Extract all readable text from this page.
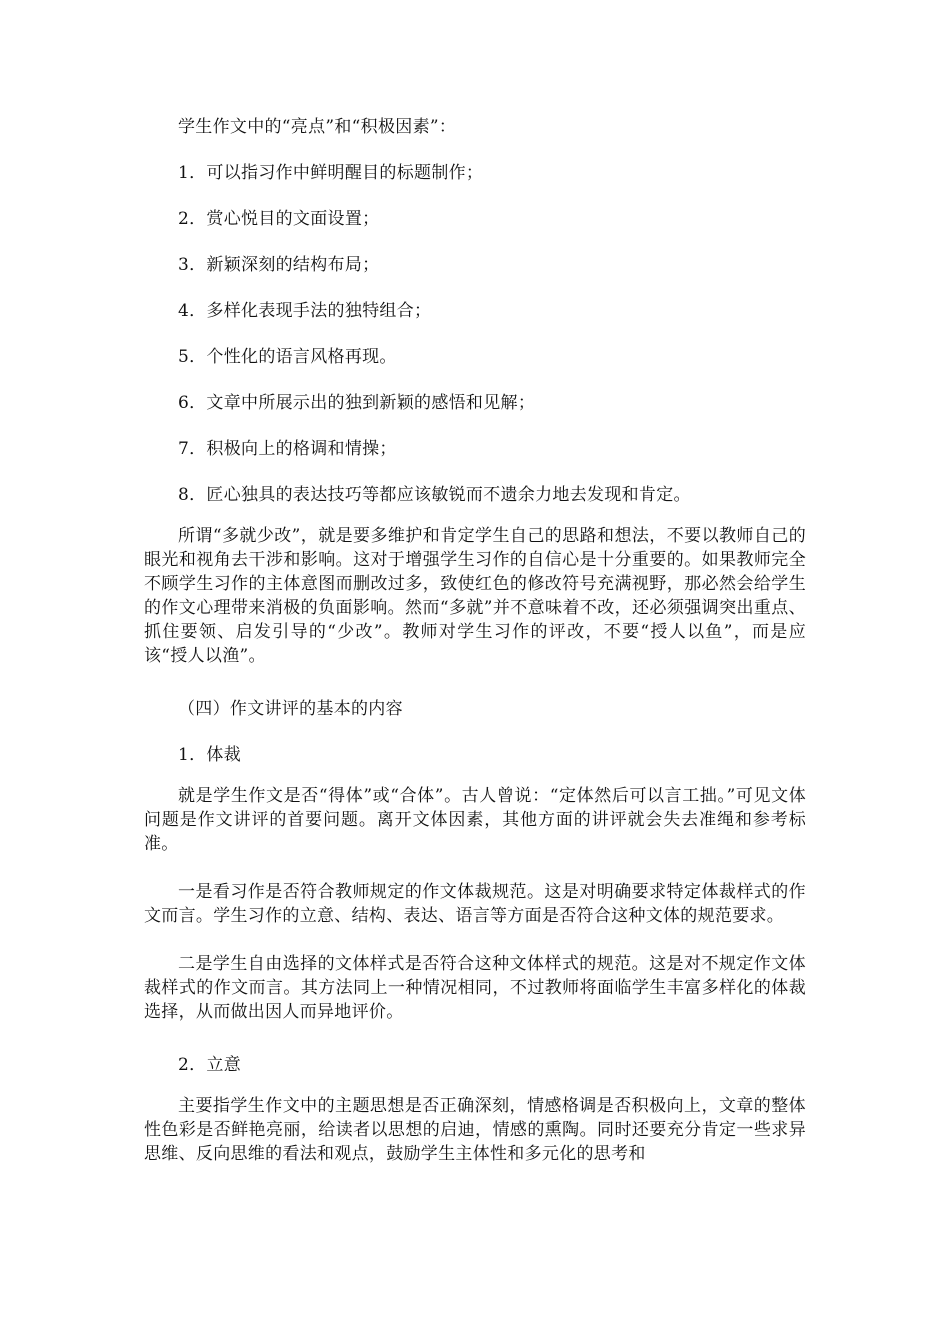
学生作文中的“亮点”和“积极因素”：

1．可以指习作中鲜明醒目的标题制作；

2．赏心悦目的文面设置；

3．新颖深刻的结构布局；

4．多样化表现手法的独特组合；

5．个性化的语言风格再现。

6．文章中所展示出的独到新颖的感悟和见解；

7．积极向上的格调和情操；

8．匠心独具的表达技巧等都应该敏锐而不遗余力地去发现和肯定。

所谓“多就少改”，就是要多维护和肯定学生自己的思路和想法，不要以教师自己的眼光和视角去干涉和影响。这对于增强学生习作的自信心是十分重要的。如果教师完全不顾学生习作的主体意图而删改过多，致使红色的修改符号充满视野，那必然会给学生的作文心理带来消极的负面影响。然而“多就”并不意味着不改，还必须强调突出重点、抓住要领、启发引导的“少改”。教师对学生习作的评改，不要“授人以鱼”，而是应该“授人以渔”。

（四）作文讲评的基本的内容

1．体裁

就是学生作文是否“得体”或“合体”。古人曾说：“定体然后可以言工拙。”可见文体问题是作文讲评的首要问题。离开文体因素，其他方面的讲评就会失去准绳和参考标准。

一是看习作是否符合教师规定的作文体裁规范。这是对明确要求特定体裁样式的作文而言。学生习作的立意、结构、表达、语言等方面是否符合这种文体的规范要求。

二是学生自由选择的文体样式是否符合这种文体样式的规范。这是对不规定作文体裁样式的作文而言。其方法同上一种情况相同，不过教师将面临学生丰富多样化的体裁选择，从而做出因人而异地评价。

2．立意

主要指学生作文中的主题思想是否正确深刻，情感格调是否积极向上，文章的整体性色彩是否鲜艳亮丽，给读者以思想的启迪，情感的熏陶。同时还要充分肯定一些求异思维、反向思维的看法和观点，鼓励学生主体性和多元化的思考和
